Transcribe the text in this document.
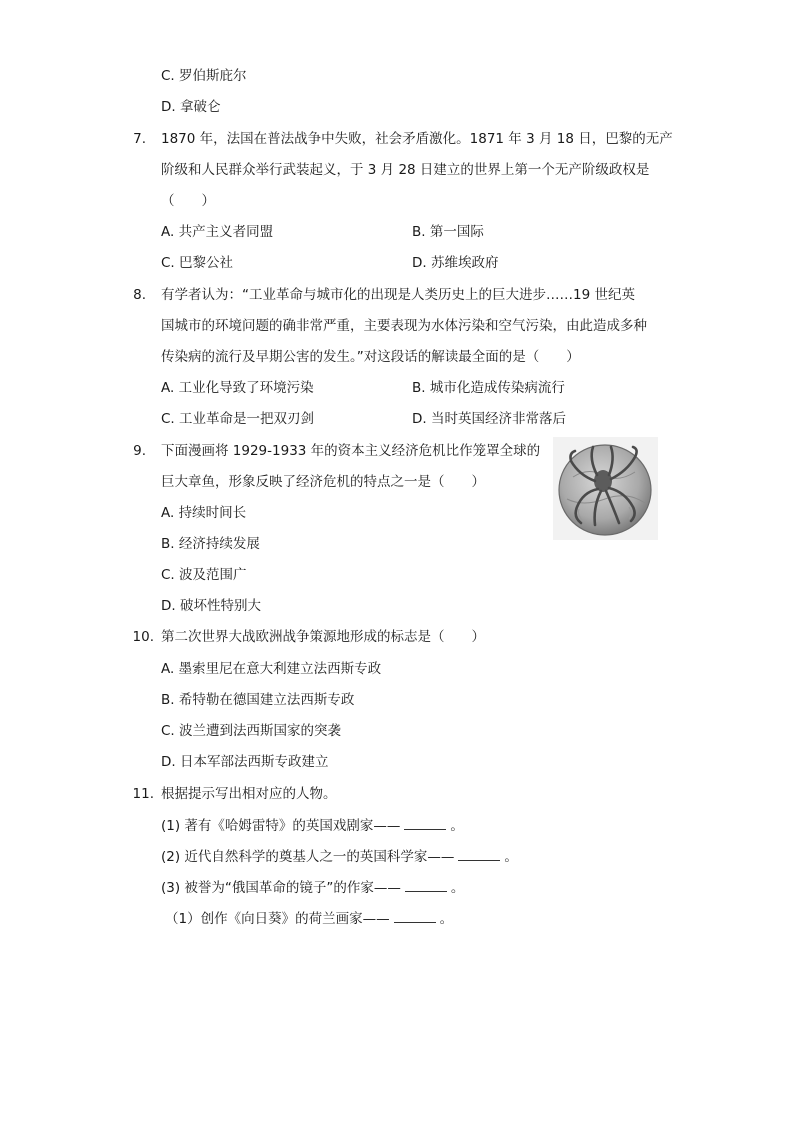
C. 罗伯斯庇尔
D. 拿破仑
7. 1870 年，法国在普法战争中失败，社会矛盾激化。1871 年 3 月 18 日，巴黎的无产
阶级和人民群众举行武装起义，于 3 月 28 日建立的世界上第一个无产阶级政权是
（　　）
A. 共产主义者同盟	B. 第一国际
C. 巴黎公社	D. 苏维埃政府
8. 有学者认为：“工业革命与城市化的出现是人类历史上的巨大进步……19 世纪英
国城市的环境问题的确非常严重，主要表现为水体污染和空气污染，由此造成多种
传染病的流行及早期公害的发生。”对这段话的解读最全面的是（　　）
A. 工业化导致了环境污染	B. 城市化造成传染病流行
C. 工业革命是一把双刃剑	D. 当时英国经济非常落后
9. 下面漫画将 1929-1933 年的资本主义经济危机比作笼罩全球的
巨大章鱼，形象反映了经济危机的特点之一是（　　）
A. 持续时间长
B. 经济持续发展
C. 波及范围广
D. 破坏性特别大
10. 第二次世界大战欧洲战争策源地形成的标志是（　　）
A. 墨索里尼在意大利建立法西斯专政
B. 希特勒在德国建立法西斯专政
C. 波兰遭到法西斯国家的突袭
D. 日本军部法西斯专政建立
11. 根据提示写出相对应的人物。
(1) 著有《哈姆雷特》的英国戏剧家——	。
(2) 近代自然科学的奠基人之一的英国科学家——	。
(3) 被誉为“俄国革命的镜子”的作家——	。
（1）创作《向日葵》的荷兰画家——	。
